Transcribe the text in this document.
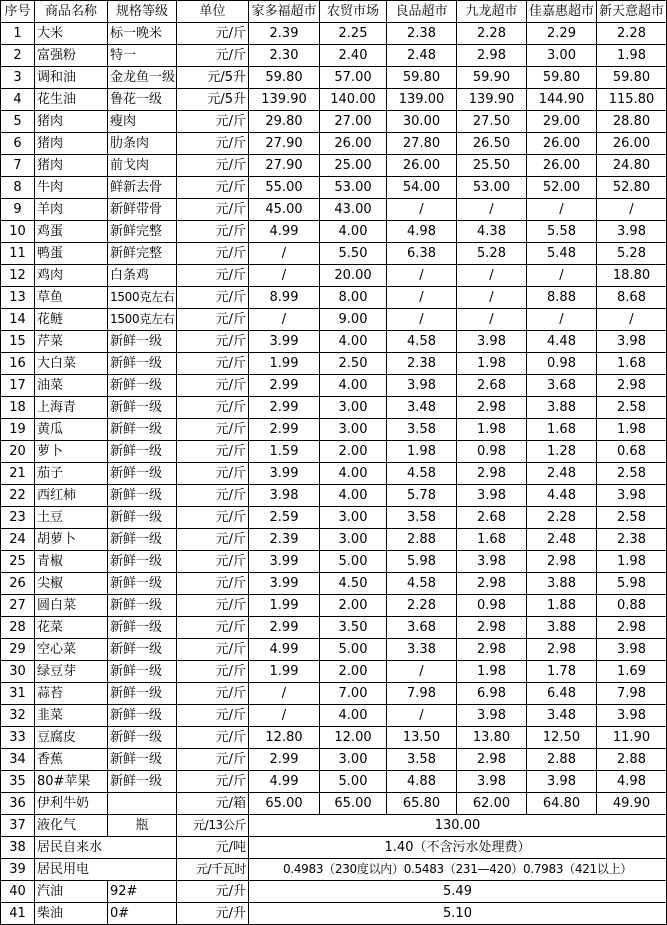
序号	商品名称	规格等级	单位	家多福超市	农贸市场	良品超市	九龙超市	佳嘉惠超市	新天意超市
1	大米	标一晚米	元/斤	2.39	2.25	2.38	2.28	2.29	2.28
2	富强粉	特一	元/斤	2.30	2.40	2.48	2.98	3.00	1.98
3	调和油	金龙鱼一级	元/5升	59.80	57.00	59.80	59.90	59.80	59.80
4	花生油	鲁花一级	元/5升	139.90	140.00	139.00	139.90	144.90	115.80
5	猪肉	瘦肉	元/斤	29.80	27.00	30.00	27.50	29.00	28.80
6	猪肉	肋条肉	元/斤	27.90	26.00	27.80	26.50	26.00	26.00
7	猪肉	前戈肉	元/斤	27.90	25.00	26.00	25.50	26.00	24.80
8	牛肉	鲜新去骨	元/斤	55.00	53.00	54.00	53.00	52.00	52.80
9	羊肉	新鲜带骨	元/斤	45.00	43.00	/	/	/	/
10	鸡蛋	新鲜完整	元/斤	4.99	4.00	4.98	4.38	5.58	3.98
11	鸭蛋	新鲜完整	元/斤	/	5.50	6.38	5.28	5.48	5.28
12	鸡肉	白条鸡	元/斤	/	20.00	/	/	/	18.80
13	草鱼	1500克左右	元/斤	8.99	8.00	/	/	8.88	8.68
14	花鲢	1500克左右	元/斤	/	9.00	/	/	/	/
15	芹菜	新鲜一级	元/斤	3.99	4.00	4.58	3.98	4.48	3.98
16	大白菜	新鲜一级	元/斤	1.99	2.50	2.38	1.98	0.98	1.68
17	油菜	新鲜一级	元/斤	2.99	4.00	3.98	2.68	3.68	2.98
18	上海青	新鲜一级	元/斤	2.99	3.00	3.48	2.98	3.88	2.58
19	黄瓜	新鲜一级	元/斤	2.99	3.00	3.58	1.98	1.68	1.98
20	萝卜	新鲜一级	元/斤	1.59	2.00	1.98	0.98	1.28	0.68
21	茄子	新鲜一级	元/斤	3.99	4.00	4.58	2.98	2.48	2.58
22	西红柿	新鲜一级	元/斤	3.98	4.00	5.78	3.98	4.48	3.98
23	土豆	新鲜一级	元/斤	2.59	3.00	3.58	2.68	2.28	2.58
24	胡萝卜	新鲜一级	元/斤	2.39	3.00	2.88	1.68	2.48	2.38
25	青椒	新鲜一级	元/斤	3.99	5.00	5.98	3.98	2.98	1.98
26	尖椒	新鲜一级	元/斤	3.99	4.50	4.58	2.98	3.88	5.98
27	圆白菜	新鲜一级	元/斤	1.99	2.00	2.28	0.98	1.88	0.88
28	花菜	新鲜一级	元/斤	2.99	3.50	3.68	2.98	3.88	2.98
29	空心菜	新鲜一级	元/斤	4.99	5.00	3.38	2.98	2.98	3.98
30	绿豆芽	新鲜一级	元/斤	1.99	2.00	/	1.98	1.78	1.69
31	蒜苔	新鲜一级	元/斤	/	7.00	7.98	6.98	6.48	7.98
32	韭菜	新鲜一级	元/斤	/	4.00	/	3.98	3.48	3.98
33	豆腐皮	新鲜一级	元/斤	12.80	12.00	13.50	13.80	12.50	11.90
34	香蕉	新鲜一级	元/斤	2.99	3.00	3.58	2.98	2.88	2.88
35	80#苹果	新鲜一级	元/斤	4.99	5.00	4.88	3.98	3.98	4.98
36	伊利牛奶		元/箱	65.00	65.00	65.80	62.00	64.80	49.90
37	液化气	瓶	元/13公斤	130.00					
38	居民自来水		元/吨	1.40（不含污水处理费）					
39	居民用电		元/千瓦时	0.4983（230度以内）0.5483（231—420）0.7983（421以上）					
40	汽油	92#	元/升	5.49					
41	柴油	0#	元/升	5.10					
